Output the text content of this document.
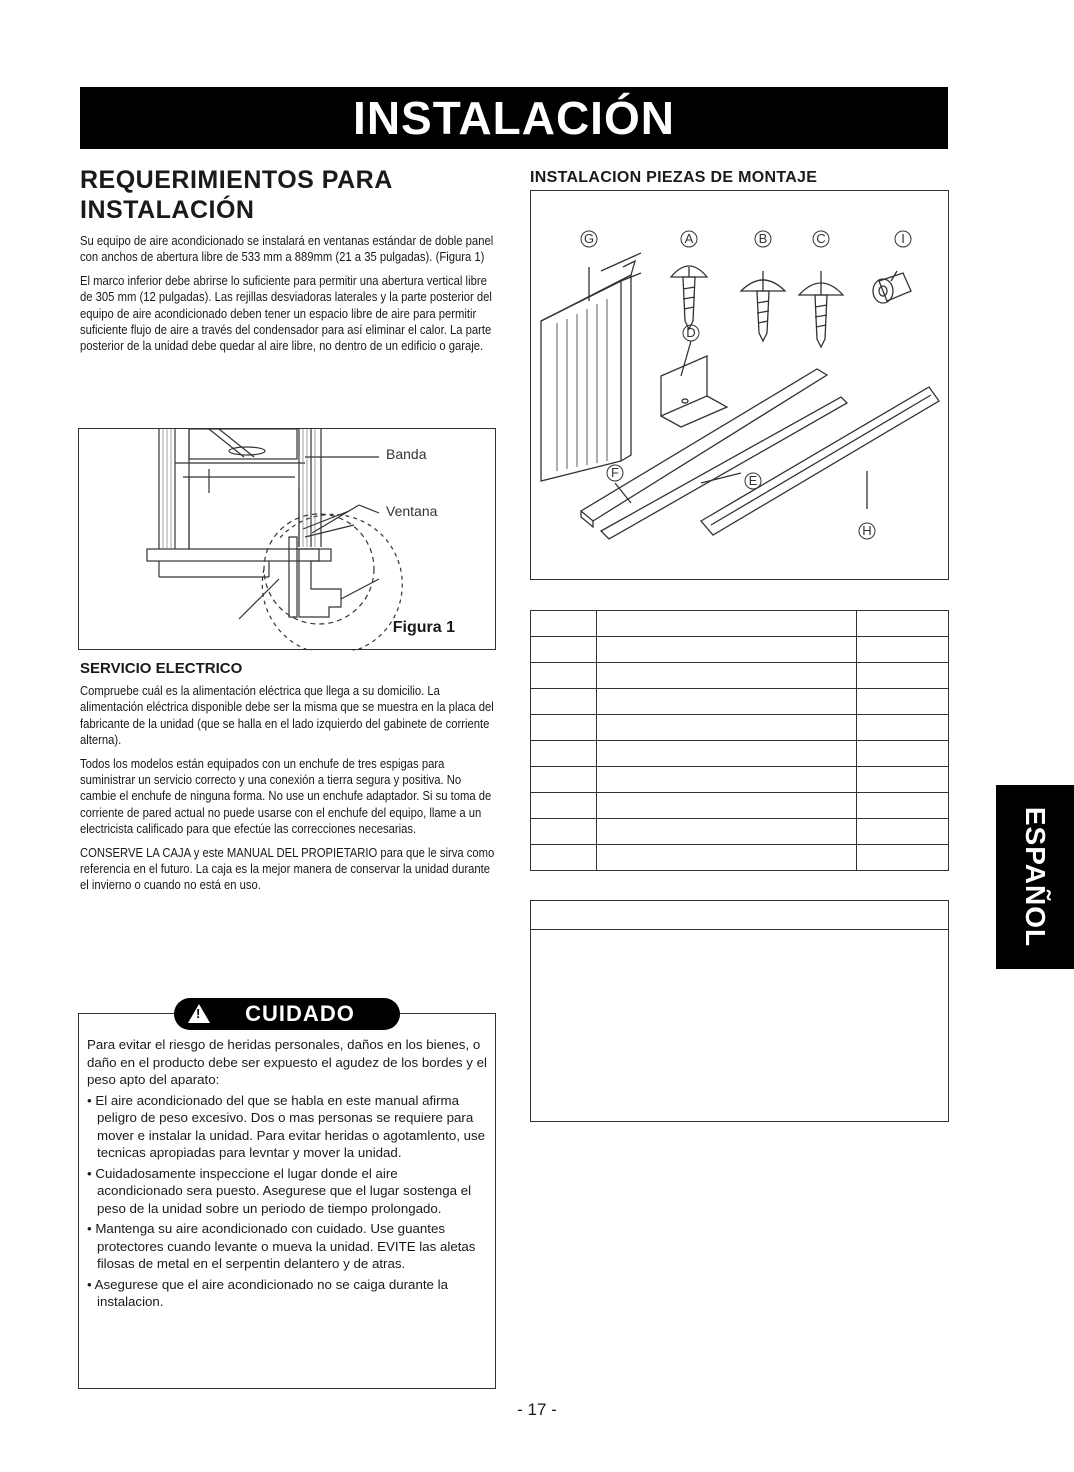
INSTALACIÓN
REQUERIMIENTOS PARA
INSTALACIÓN

Su equipo de aire acondicionado se instalará en ventanas estándar de doble panel con anchos de abertura libre de 533 mm a 889mm (21 a 35 pulgadas). (Figura 1)

El marco inferior debe abrirse lo suficiente para permitir una abertura vertical libre de 305 mm (12 pulgadas). Las rejillas desviadoras laterales y la parte posterior del equipo de aire acondicionado deben tener un espacio libre de aire para permitir suficiente flujo de aire a través del condensador para así eliminar el calor. La parte posterior de la unidad debe quedar al aire libre, no dentro de un edificio o garaje.

Banda
Ventana
Figura 1
SERVICIO ELECTRICO

Compruebe cuál es la alimentación eléctrica que llega a su domicilio. La alimentación eléctrica disponible debe ser la misma que se muestra en la placa del fabricante de la unidad (que se halla en el lado izquierdo del gabinete de corriente alterna).

Todos los modelos están equipados con un enchufe de tres espigas para suministrar un servicio correcto y una conexión a tierra segura y positiva. No cambie el enchufe de ninguna forma. No use un enchufe adaptador. Si su toma de corriente de pared actual no puede usarse con el enchufe del equipo, llame a un electricista calificado para que efectúe las correcciones necesarias.

CONSERVE LA CAJA y este MANUAL DEL PROPIETARIO para que le sirva como referencia en el futuro. La caja es la mejor manera de conservar la unidad durante el invierno o cuando no está en uso.

! CUIDADO

Para evitar el riesgo de heridas personales, daños en los bienes, o daño en el producto debe ser expuesto el agudez de los bordes y el peso apto del aparato:

• El aire acondicionado del que se habla en este manual afirma peligro de peso excesivo. Dos o mas personas se requiere para mover e instalar la unidad. Para evitar heridas o agotamlento, use tecnicas apropiadas para levntar y mover la unidad.

• Cuidadosamente inspeccione el lugar donde el aire acondicionado sera puesto. Asegurese que el lugar sostenga el peso de la unidad sobre un periodo de tiempo prolongado.

• Mantenga su aire acondicionado con cuidado. Use guantes protectores cuando levante o mueva la unidad. EVITE las aletas filosas de metal en el serpentin delantero y de atras.

• Asegurese que el aire acondicionado no se caiga durante la instalacion.

INSTALACION PIEZAS DE MONTAJE
G	A	B	C	I
D
E
F
H

ESPAÑOL
- 17 -
